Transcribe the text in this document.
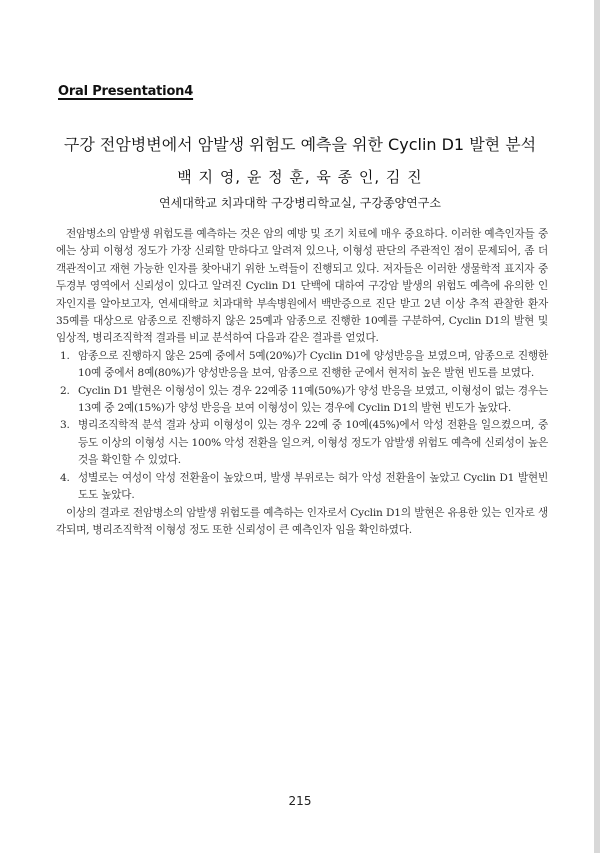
Oral Presentation4
구강 전암병변에서 암발생 위험도 예측을 위한 Cyclin D1 발현 분석
백 지 영, 윤 정 훈, 육 종 인, 김 진
연세대학교 치과대학 구강병리학교실, 구강종양연구소

전암병소의 암발생 위험도를 예측하는 것은 암의 예방 및 조기 치료에 매우 중요하다. 이러한 예측인자들 중에는 상피 이형성 정도가 가장 신뢰할 만하다고 알려져 있으나, 이형성 판단의 주관적인 점이 문제되어, 좀 더 객관적이고 재현 가능한 인자를 찾아내기 위한 노력들이 진행되고 있다. 저자들은 이러한 생물학적 표지자 중 두경부 영역에서 신뢰성이 있다고 알려진 Cyclin D1 단백에 대하여 구강암 발생의 위험도 예측에 유의한 인자인지를 알아보고자, 연세대학교 치과대학 부속병원에서 백반증으로 진단 받고 2년 이상 추적 관찰한 환자 35예를 대상으로 암종으로 진행하지 않은 25예과 암종으로 진행한 10예를 구분하여, Cyclin D1의 발현 및 임상적, 병리조직학적 결과를 비교 분석하여 다음과 같은 결과를 얻었다.

1. 암종으로 진행하지 않은 25예 중에서 5예(20%)가 Cyclin D1에 양성반응을 보였으며, 암종으로 진행한 10예 중에서 8예(80%)가 양성반응을 보여, 암종으로 진행한 군에서 현저히 높은 발현 빈도를 보였다.
2. Cyclin D1 발현은 이형성이 있는 경우 22예중 11예(50%)가 양성 반응을 보였고, 이형성이 없는 경우는 13예 중 2예(15%)가 양성 반응을 보여 이형성이 있는 경우에 Cyclin D1의 발현 빈도가 높았다.
3. 병리조직학적 분석 결과 상피 이형성이 있는 경우 22예 중 10예(45%)에서 악성 전환을 일으켰으며, 중등도 이상의 이형성 시는 100% 악성 전환을 일으켜, 이형성 정도가 암발생 위험도 예측에 신뢰성이 높은 것을 확인할 수 있었다.
4. 성별로는 여성이 악성 전환율이 높았으며, 발생 부위로는 혀가 악성 전환율이 높았고 Cyclin D1 발현빈도도 높았다.

이상의 결과로 전암병소의 암발생 위험도를 예측하는 인자로서 Cyclin D1의 발현은 유용한 있는 인자로 생각되며, 병리조직학적 이형성 정도 또한 신뢰성이 큰 예측인자 임을 확인하였다.

215
